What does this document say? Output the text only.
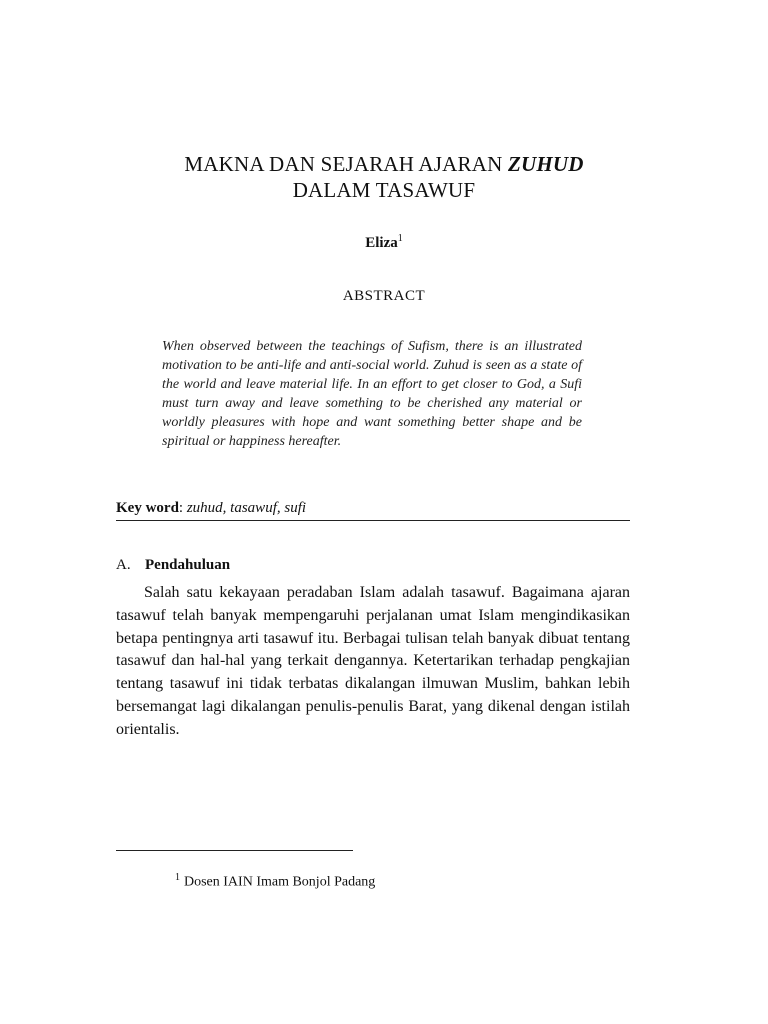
MAKNA DAN SEJARAH AJARAN ZUHUD
DALAM TASAWUF
Eliza$^1$
ABSTRACT
When observed between the teachings of Sufism, there is an illustrated motivation to be anti-life and anti-social world. Zuhud is seen as a state of the world and leave material life. In an effort to get closer to God, a Sufi must turn away and leave something to be cherished any material or worldly pleasures with hope and want something better shape and be spiritual or happiness hereafter.
Key word: zuhud, tasawuf, sufi
A. Pendahuluan
Salah satu kekayaan peradaban Islam adalah tasawuf. Bagaimana ajaran tasawuf telah banyak mempengaruhi perjalanan umat Islam mengindikasikan betapa pentingnya arti tasawuf itu. Berbagai tulisan telah banyak dibuat tentang tasawuf dan hal-hal yang terkait dengannya. Ketertarikan terhadap pengkajian tentang tasawuf ini tidak terbatas dikalangan ilmuwan Muslim, bahkan lebih bersemangat lagi dikalangan penulis-penulis Barat, yang dikenal dengan istilah orientalis.
$^1$ Dosen IAIN Imam Bonjol Padang
